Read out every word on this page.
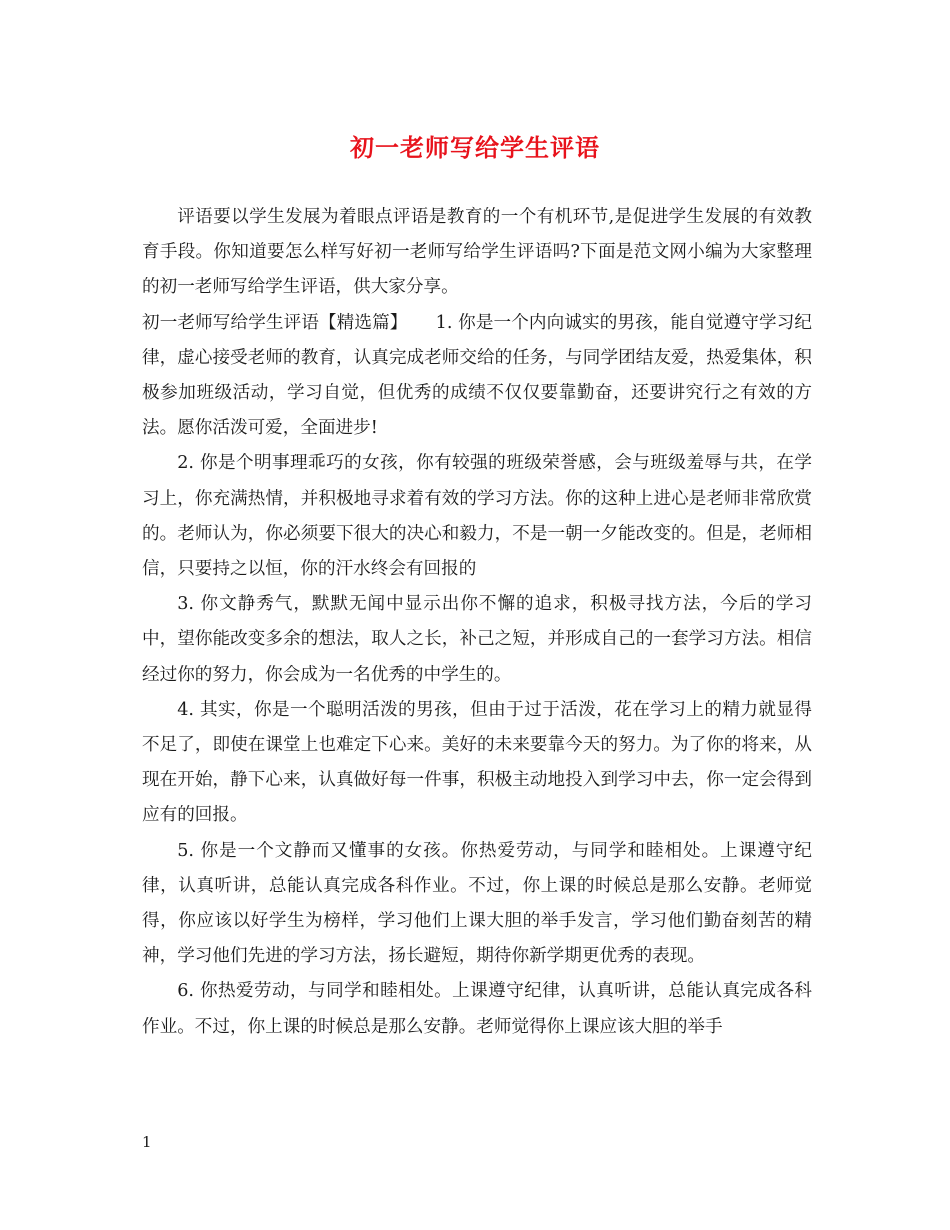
初一老师写给学生评语

评语要以学生发展为着眼点评语是教育的一个有机环节,是促进学生发展的有效教育手段。你知道要怎么样写好初一老师写给学生评语吗?下面是范文网小编为大家整理的初一老师写给学生评语，供大家分享。

初一老师写给学生评语【精选篇】 1. 你是一个内向诚实的男孩，能自觉遵守学习纪律，虚心接受老师的教育，认真完成老师交给的任务，与同学团结友爱，热爱集体，积极参加班级活动，学习自觉，但优秀的成绩不仅仅要靠勤奋，还要讲究行之有效的方法。愿你活泼可爱，全面进步!

2. 你是个明事理乖巧的女孩，你有较强的班级荣誉感，会与班级羞辱与共，在学习上，你充满热情，并积极地寻求着有效的学习方法。你的这种上进心是老师非常欣赏的。老师认为，你必须要下很大的决心和毅力，不是一朝一夕能改变的。但是，老师相信，只要持之以恒，你的汗水终会有回报的

3. 你文静秀气，默默无闻中显示出你不懈的追求，积极寻找方法，今后的学习中，望你能改变多余的想法，取人之长，补己之短，并形成自己的一套学习方法。相信经过你的努力，你会成为一名优秀的中学生的。

4. 其实，你是一个聪明活泼的男孩，但由于过于活泼，花在学习上的精力就显得不足了，即使在课堂上也难定下心来。美好的未来要靠今天的努力。为了你的将来，从现在开始，静下心来，认真做好每一件事，积极主动地投入到学习中去，你一定会得到应有的回报。

5. 你是一个文静而又懂事的女孩。你热爱劳动，与同学和睦相处。上课遵守纪律，认真听讲，总能认真完成各科作业。不过，你上课的时候总是那么安静。老师觉得，你应该以好学生为榜样，学习他们上课大胆的举手发言，学习他们勤奋刻苦的精神，学习他们先进的学习方法，扬长避短，期待你新学期更优秀的表现。

6. 你热爱劳动，与同学和睦相处。上课遵守纪律，认真听讲，总能认真完成各科作业。不过，你上课的时候总是那么安静。老师觉得你上课应该大胆的举手

1
